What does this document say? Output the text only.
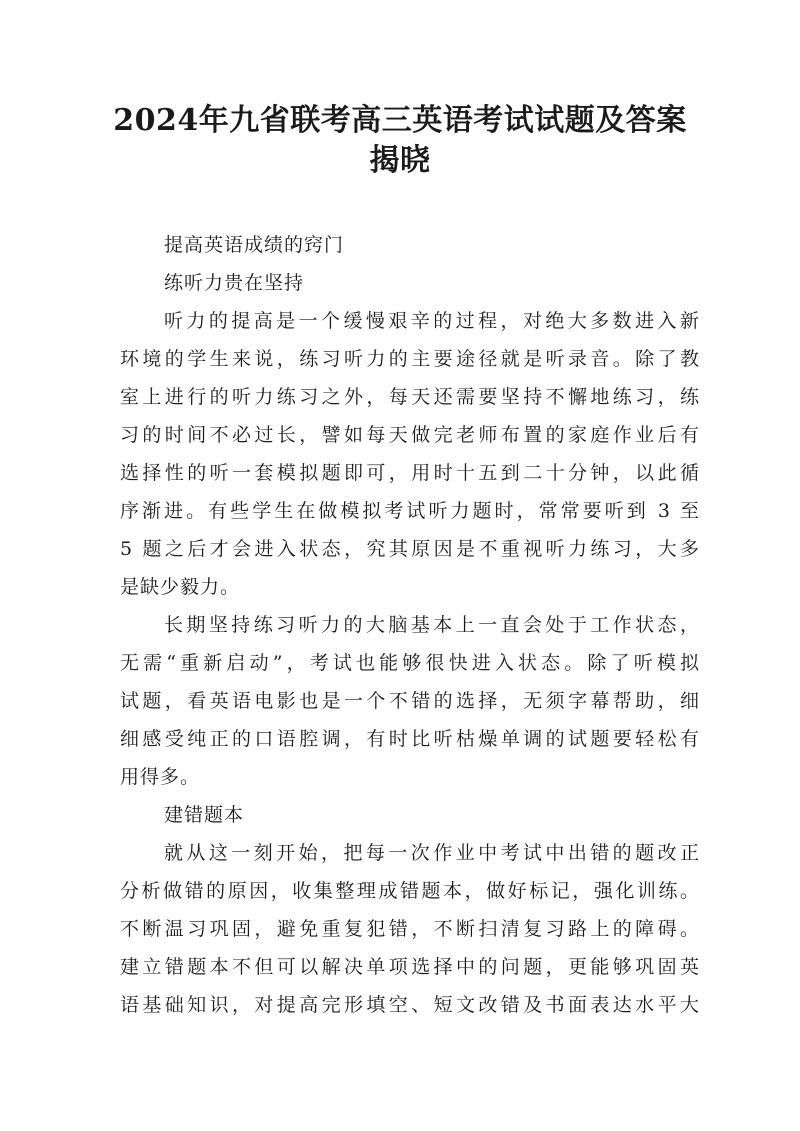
2024年九省联考高三英语考试试题及答案
揭晓
提高英语成绩的窍门
练听力贵在坚持
听力的提高是一个缓慢艰辛的过程，对绝大多数进入新
环境的学生来说，练习听力的主要途径就是听录音。除了教
室上进行的听力练习之外，每天还需要坚持不懈地练习，练
习的时间不必过长，譬如每天做完老师布置的家庭作业后有
选择性的听一套模拟题即可，用时十五到二十分钟，以此循
序渐进。有些学生在做模拟考试听力题时，常常要听到 3 至
5 题之后才会进入状态，究其原因是不重视听力练习，大多
是缺少毅力。
长期坚持练习听力的大脑基本上一直会处于工作状态，
无需“重新启动”，考试也能够很快进入状态。除了听模拟
试题，看英语电影也是一个不错的选择，无须字幕帮助，细
细感受纯正的口语腔调，有时比听枯燥单调的试题要轻松有
用得多。
建错题本
就从这一刻开始，把每一次作业中考试中出错的题改正
分析做错的原因，收集整理成错题本，做好标记，强化训练。
不断温习巩固，避免重复犯错，不断扫清复习路上的障碍。
建立错题本不但可以解决单项选择中的问题，更能够巩固英
语基础知识，对提高完形填空、短文改错及书面表达水平大
